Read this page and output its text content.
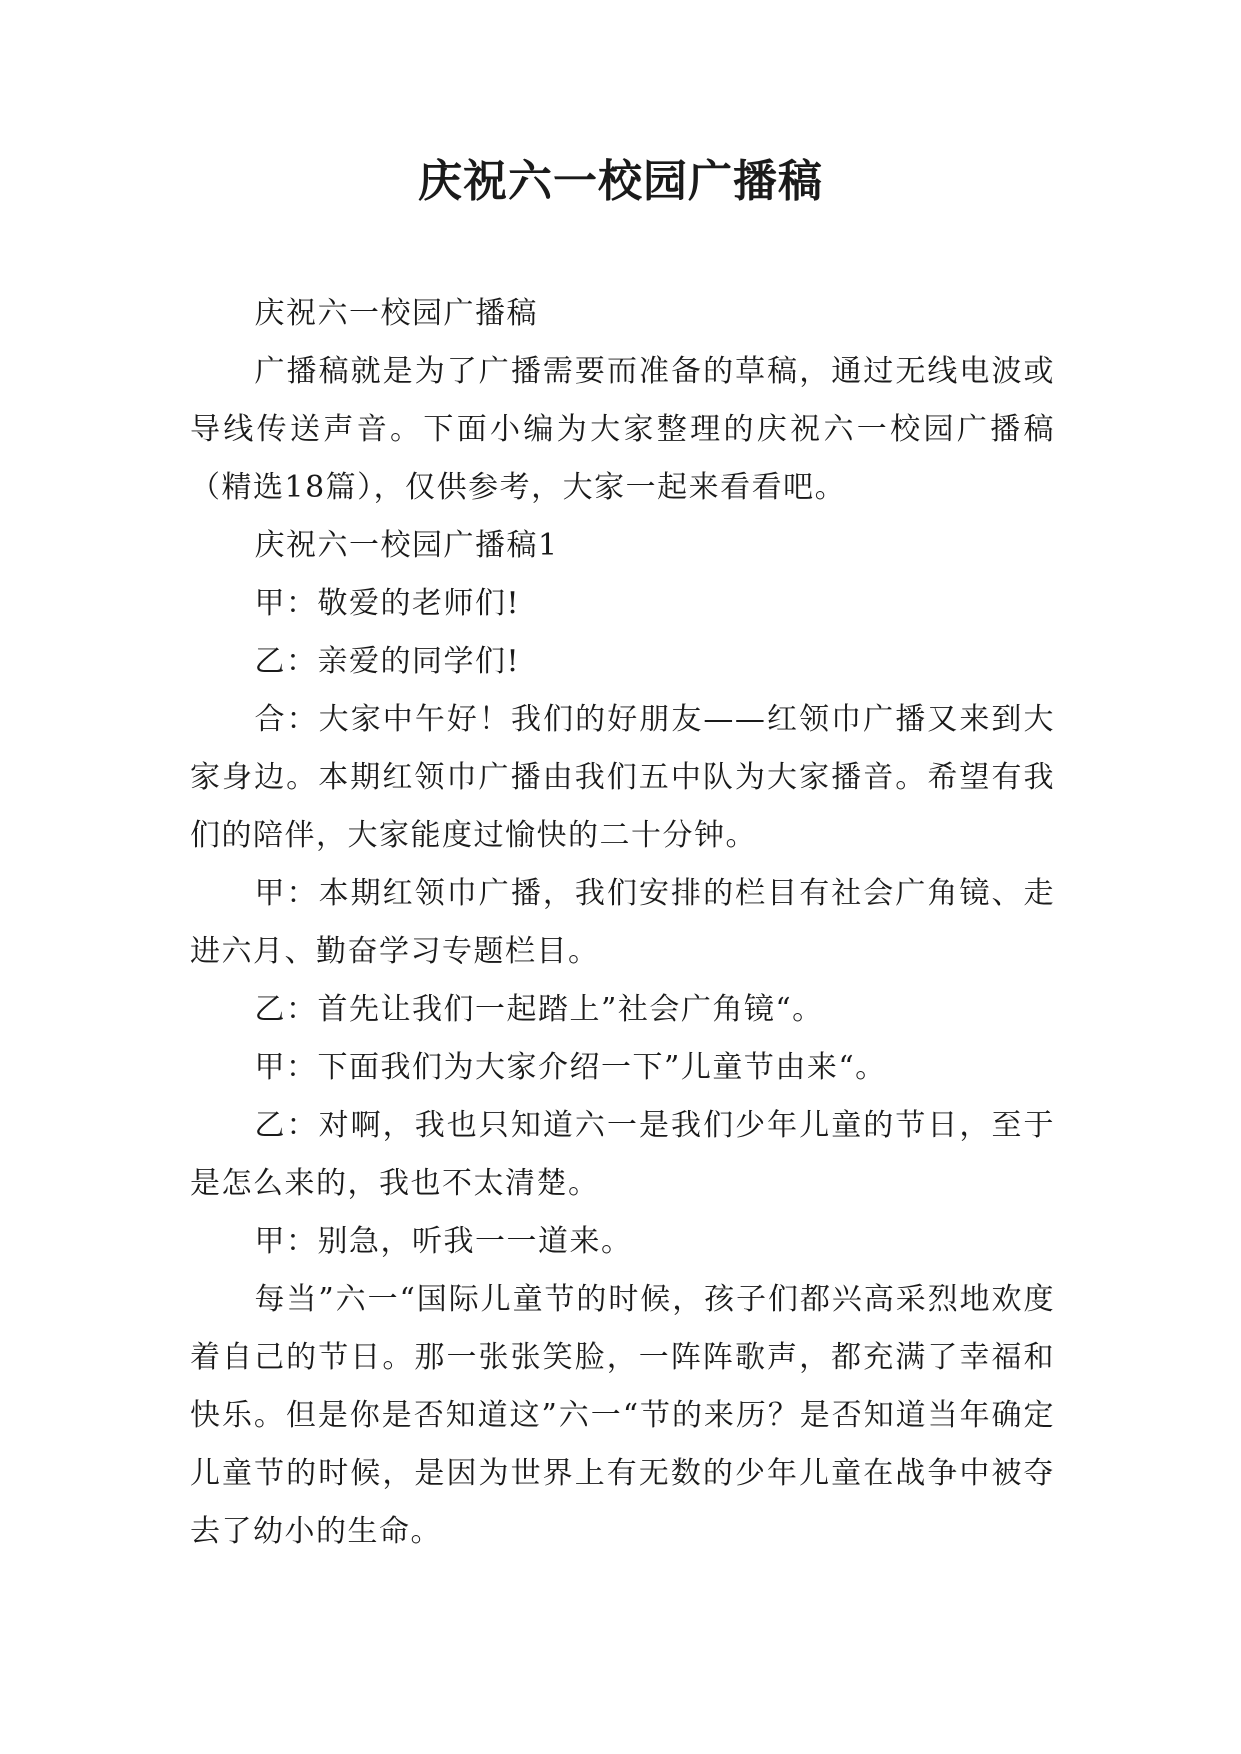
庆祝六一校园广播稿

庆祝六一校园广播稿

广播稿就是为了广播需要而准备的草稿，通过无线电波或导线传送声音。下面小编为大家整理的庆祝六一校园广播稿（精选18篇），仅供参考，大家一起来看看吧。

庆祝六一校园广播稿1

甲：敬爱的老师们!

乙：亲爱的同学们!

合：大家中午好！我们的好朋友——红领巾广播又来到大家身边。本期红领巾广播由我们五中队为大家播音。希望有我们的陪伴，大家能度过愉快的二十分钟。

甲：本期红领巾广播，我们安排的栏目有社会广角镜、走进六月、勤奋学习专题栏目。

乙：首先让我们一起踏上”社会广角镜“。

甲：下面我们为大家介绍一下”儿童节由来“。

乙：对啊，我也只知道六一是我们少年儿童的节日，至于是怎么来的，我也不太清楚。

甲：别急，听我一一道来。

每当”六一“国际儿童节的时候，孩子们都兴高采烈地欢度着自己的节日。那一张张笑脸，一阵阵歌声，都充满了幸福和快乐。但是你是否知道这”六一“节的来历？是否知道当年确定儿童节的时候，是因为世界上有无数的少年儿童在战争中被夺去了幼小的生命。
